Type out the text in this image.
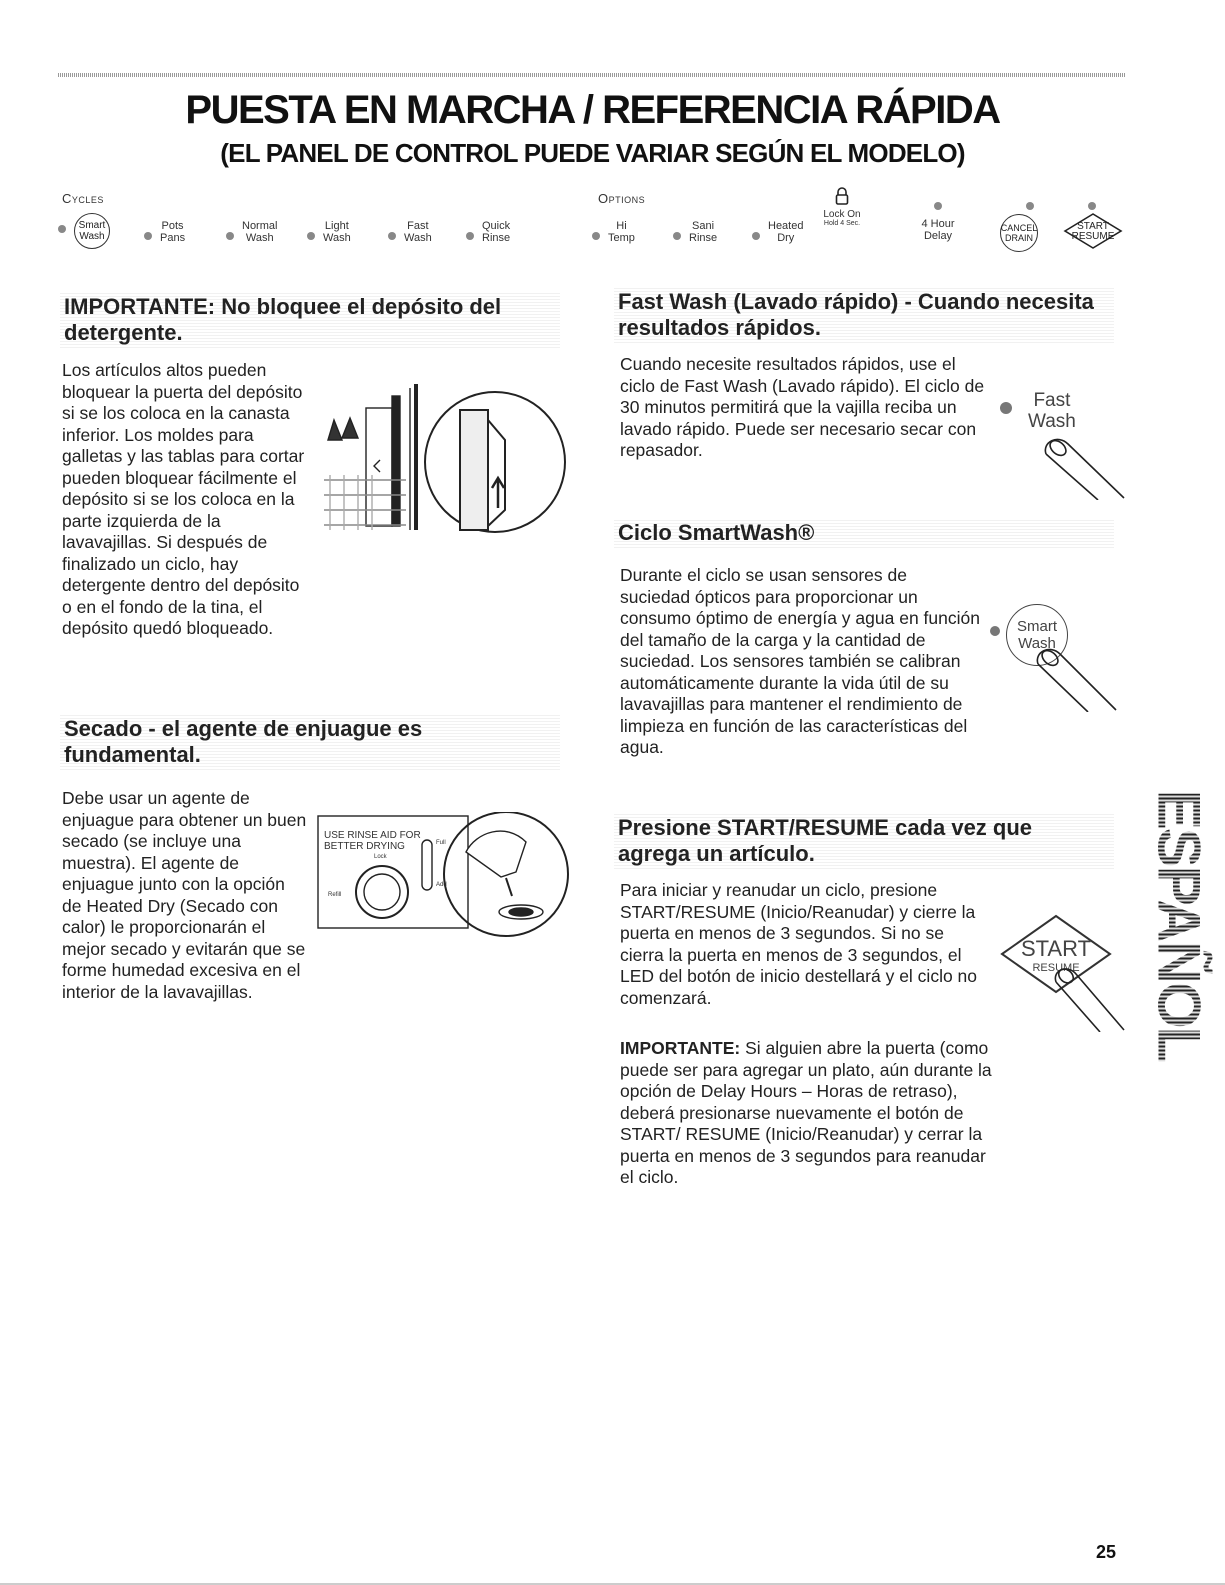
PUESTA EN MARCHA / REFERENCIA RÁPIDA
(EL PANEL DE CONTROL PUEDE VARIAR SEGÚN EL MODELO)
Cycles	Options
Smart
Wash
Pots
Pans
Normal
Wash
Light
Wash
Fast
Wash
Quick
Rinse
Hi
Temp
Sani
Rinse
Heated
Dry
Lock On
Hold 4 Sec.	4 Hour
Delay
CANCEL
DRAIN
START
RESUME
IMPORTANTE: No bloquee el depósito del detergente.

Los artículos altos pueden bloquear la puerta del depósito si se los coloca en la canasta inferior. Los moldes para galletas y las tablas para cortar pueden bloquear fácilmente el depósito si se los coloca en la parte izquierda de la lavavajillas. Si después de finalizado un ciclo, hay detergente dentro del depósito o en el fondo de la tina, el depósito quedó bloqueado.

Secado - el agente de enjuague es fundamental.

Debe usar un agente de enjuague para obtener un buen secado (se incluye una muestra). El agente de enjuague junto con la opción de Heated Dry (Secado con calor) le proporcionarán el mejor secado y evitarán que se forme humedad excesiva en el interior de la lavavajillas.

USE RINSE AID FOR
BETTER DRYING
Lock
Full
Add
Refill
Fast Wash (Lavado rápido) - Cuando necesita resultados rápidos.

Cuando necesite resultados rápidos, use el ciclo de Fast Wash (Lavado rápido). El ciclo de 30 minutos permitirá que la vajilla reciba un lavado rápido. Puede ser necesario secar con repasador.

Fast
Wash
Ciclo SmartWash®

Durante el ciclo se usan sensores de suciedad ópticos para proporcionar un consumo óptimo de energía y agua en función del tamaño de la carga y la cantidad de suciedad. Los sensores también se calibran automáticamente durante la vida útil de su lavavajillas para mantener el rendimiento de limpieza en función de las características del agua.

Smart
Wash
Presione START/RESUME cada vez que agrega un artículo.

Para iniciar y reanudar un ciclo, presione START/RESUME (Inicio/Reanudar) y cierre la puerta en menos de 3 segundos. Si no se cierra la puerta en menos de 3 segundos, el LED del botón de inicio destellará y el ciclo no comenzará.

IMPORTANTE: Si alguien abre la puerta (como puede ser para agregar un plato, aún durante la opción de Delay Hours – Horas de retraso), deberá presionarse nuevamente el botón de START/ RESUME (Inicio/Reanudar) y cerrar la puerta en menos de 3 segundos para reanudar el ciclo.

START
RESUME	ESPAÑOL
25
